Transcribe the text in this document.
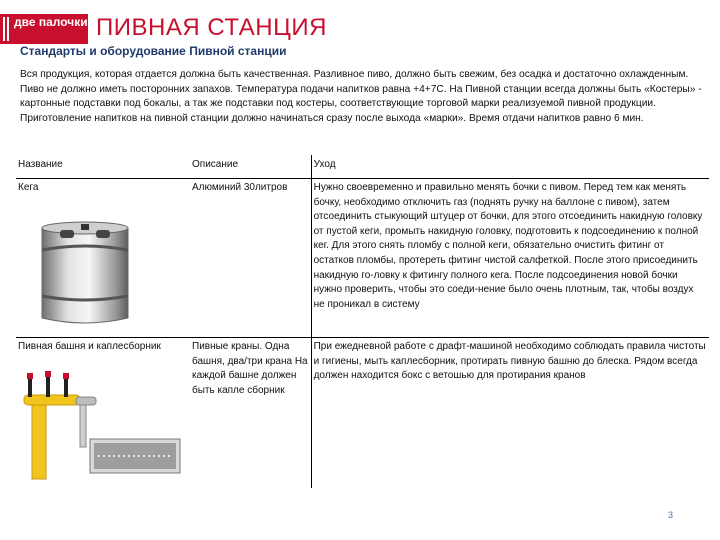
две палочки ПИВНАЯ СТАНЦИЯ
Стандарты и оборудование Пивной станции
Вся продукция, которая отдается должна быть качественная. Разливное пиво, должно быть свежим, без осадка и достаточно охлажденным. Пиво не должно иметь посторонних запахов. Температура подачи напитков равна +4+7С. На Пивной станции всегда должны быть «Костеры» - картонные подставки под бокалы, а так же подставки под костеры, соответствующие торговой марки реализуемой пивной продукции. Приготовление напитков на пивной станции должно начинаться сразу после выхода «марки». Время отдачи напитков равно 6 мин.
Название	Описание	Уход

Кега	Алюминий 30литров	Нужно своевременно и правильно менять бочки с пивом. Перед тем как менять бочку, необходимо отключить газ (поднять ручку на баллоне с пивом), затем отсоединить стыкующий штуцер от бочки, для этого отсоединить накидную головку от пустой кеги, промыть накидную головку, подготовить к подсоединению к полной кег. Для этого снять пломбу с полной кеги, обязательно очистить фитинг от остатков пломбы, протереть фитинг чистой салфеткой. После этого присоединить накидную го-ловку к фитингу полного кега. После подсоединения новой бочки нужно проверить, чтобы это соеди-нение было очень плотным, так, чтобы воздух не проникал в систему

Пивная башня и каплесборник	Пивные краны. Одна башня, два/три крана На каждой башне должен быть капле сборник	При ежедневной работе с драфт-машиной необходимо соблюдать правила чистоты и гигиены, мыть каплесборник, протирать пивную башню до блеска. Рядом всегда должен находится бокс с ветошью для протирания кранов
3
